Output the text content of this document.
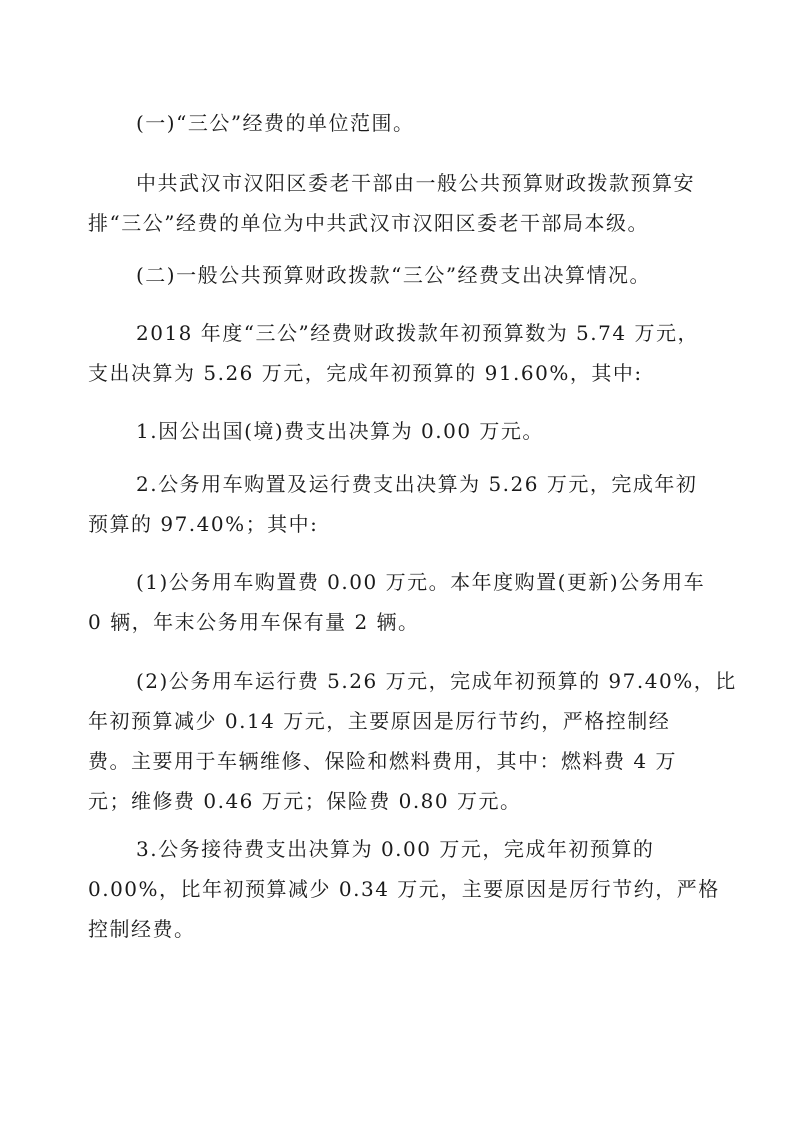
(一)“三公”经费的单位范围。

中共武汉市汉阳区委老干部由一般公共预算财政拨款预算安
排“三公”经费的单位为中共武汉市汉阳区委老干部局本级。

(二)一般公共预算财政拨款“三公”经费支出决算情况。

2018 年度“三公”经费财政拨款年初预算数为 5.74 万元，
支出决算为 5.26 万元，完成年初预算的 91.60%，其中:

1.因公出国(境)费支出决算为 0.00 万元。

2.公务用车购置及运行费支出决算为 5.26 万元，完成年初
预算的 97.40%；其中:

(1)公务用车购置费 0.00 万元。本年度购置(更新)公务用车
0 辆，年末公务用车保有量 2 辆。

(2)公务用车运行费 5.26 万元，完成年初预算的 97.40%，比
年初预算减少 0.14 万元，主要原因是厉行节约，严格控制经
费。主要用于车辆维修、保险和燃料费用，其中：燃料费 4 万
元；维修费 0.46 万元；保险费 0.80 万元。

3.公务接待费支出决算为 0.00 万元，完成年初预算的
0.00%，比年初预算减少 0.34 万元，主要原因是厉行节约，严格
控制经费。
